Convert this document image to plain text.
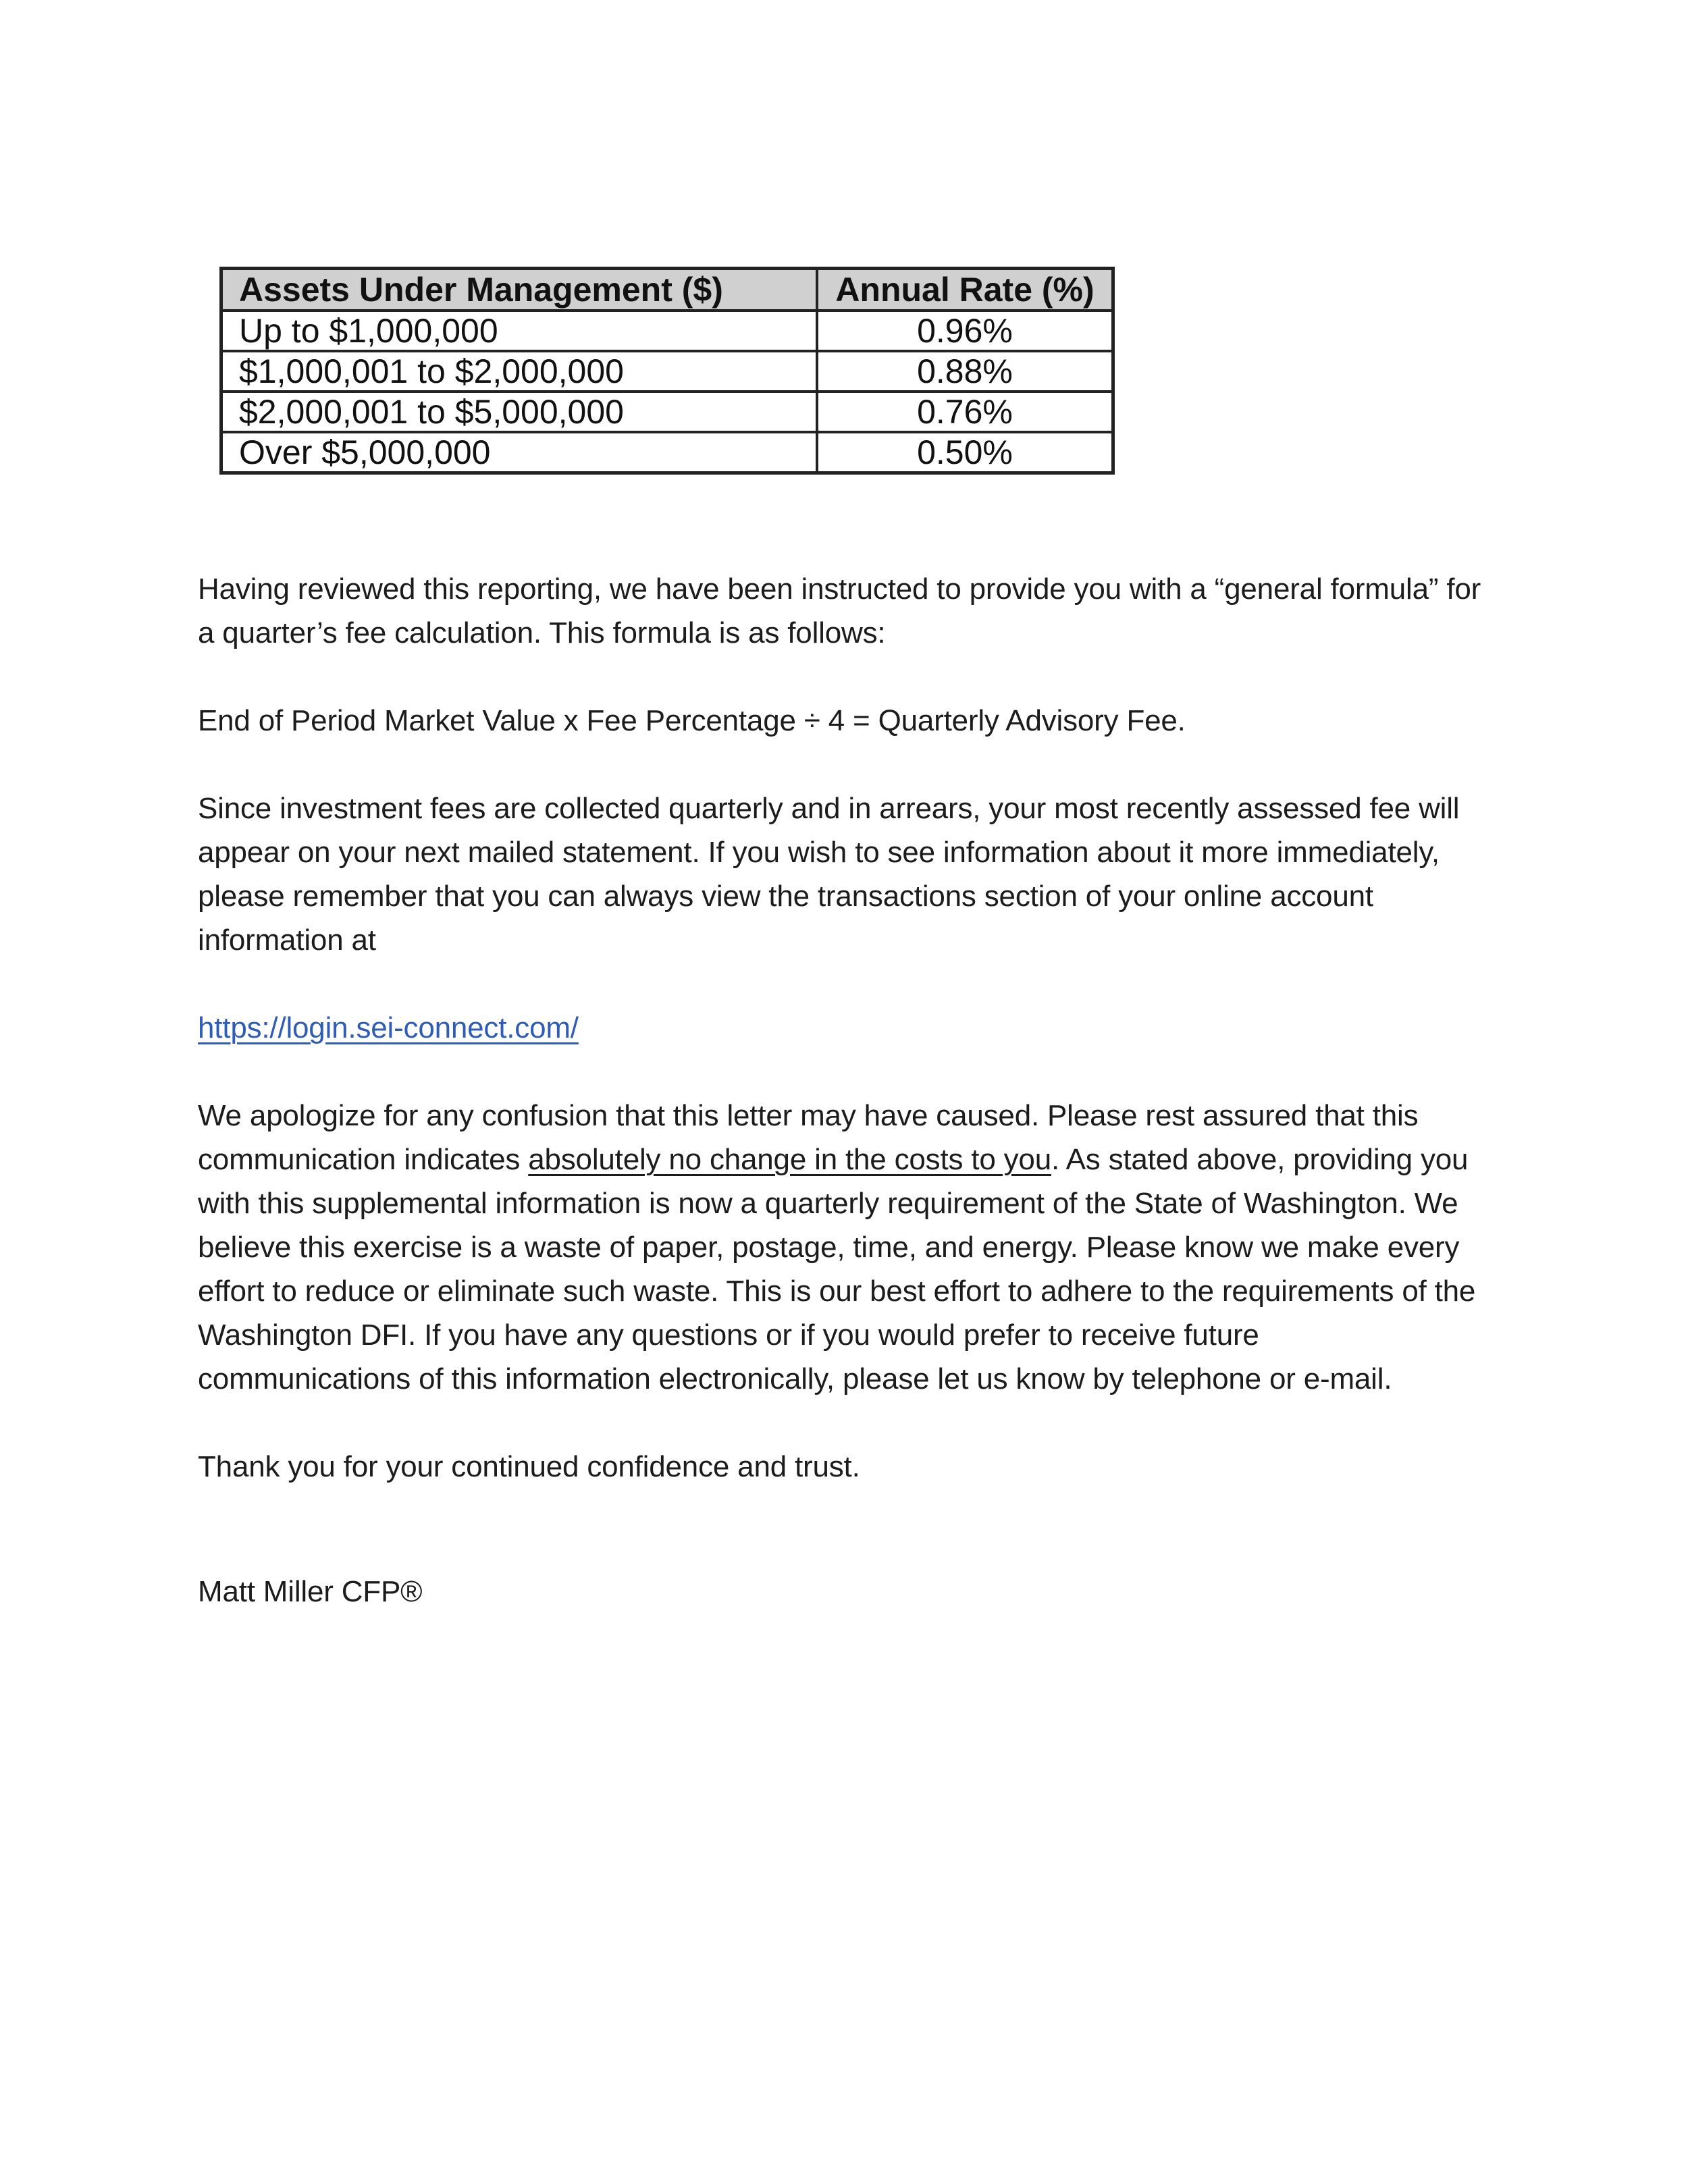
Assets Under Management ($)	Annual Rate (%)
Up to $1,000,000	0.96%
$1,000,001 to $2,000,000	0.88%
$2,000,001 to $5,000,000	0.76%
Over $5,000,000	0.50%
Having reviewed this reporting, we have been instructed to provide you with a “general formula” for
a quarter’s fee calculation. This formula is as follows:
End of Period Market Value x Fee Percentage ÷ 4 = Quarterly Advisory Fee.
Since investment fees are collected quarterly and in arrears, your most recently assessed fee will
appear on your next mailed statement. If you wish to see information about it more immediately,
please remember that you can always view the transactions section of your online account
information at
https://login.sei-connect.com/
We apologize for any confusion that this letter may have caused. Please rest assured that this
communication indicates absolutely no change in the costs to you. As stated above, providing you
with this supplemental information is now a quarterly requirement of the State of Washington. We
believe this exercise is a waste of paper, postage, time, and energy. Please know we make every
effort to reduce or eliminate such waste. This is our best effort to adhere to the requirements of the
Washington DFI. If you have any questions or if you would prefer to receive future
communications of this information electronically, please let us know by telephone or e-mail.
Thank you for your continued confidence and trust.
Matt Miller CFP®
